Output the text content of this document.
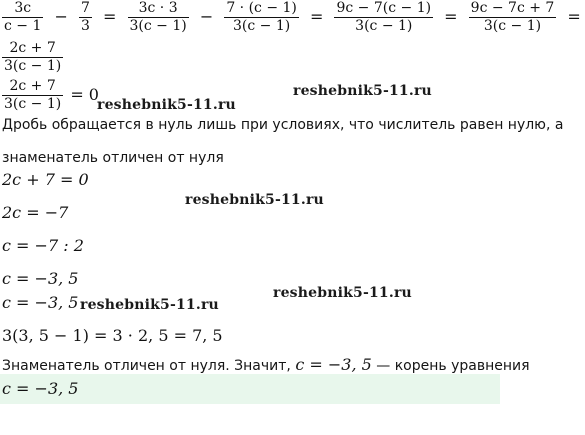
$\frac{3c}{c - 1} - \frac{7}{3} = \frac{3c \cdot 3}{3(c - 1)} - \frac{7 \cdot (c - 1)}{3(c - 1)} = \frac{9c - 7(c - 1)}{3(c - 1)} = \frac{9c - 7c + 7}{3(c - 1)}$ =
$\frac{2c + 7}{3(c - 1)}$
$\frac{2c + 7}{3(c - 1)} = 0$
reshebnik5-11.ru
reshebnik5-11.ru
Дробь обращается в нуль лишь при условиях, что числитель равен нулю, а
знаменатель отличен от нуля
2c + 7 = 0
reshebnik5-11.ru
2c = −7
c = −7 : 2
c = −3, 5
c = −3, 5 reshebnik5-11.ru
reshebnik5-11.ru
3(3, 5 − 1) = 3 · 2, 5 = 7, 5
Знаменатель отличен от нуля. Значит, c = −3, 5 — корень уравнения
c = −3, 5
